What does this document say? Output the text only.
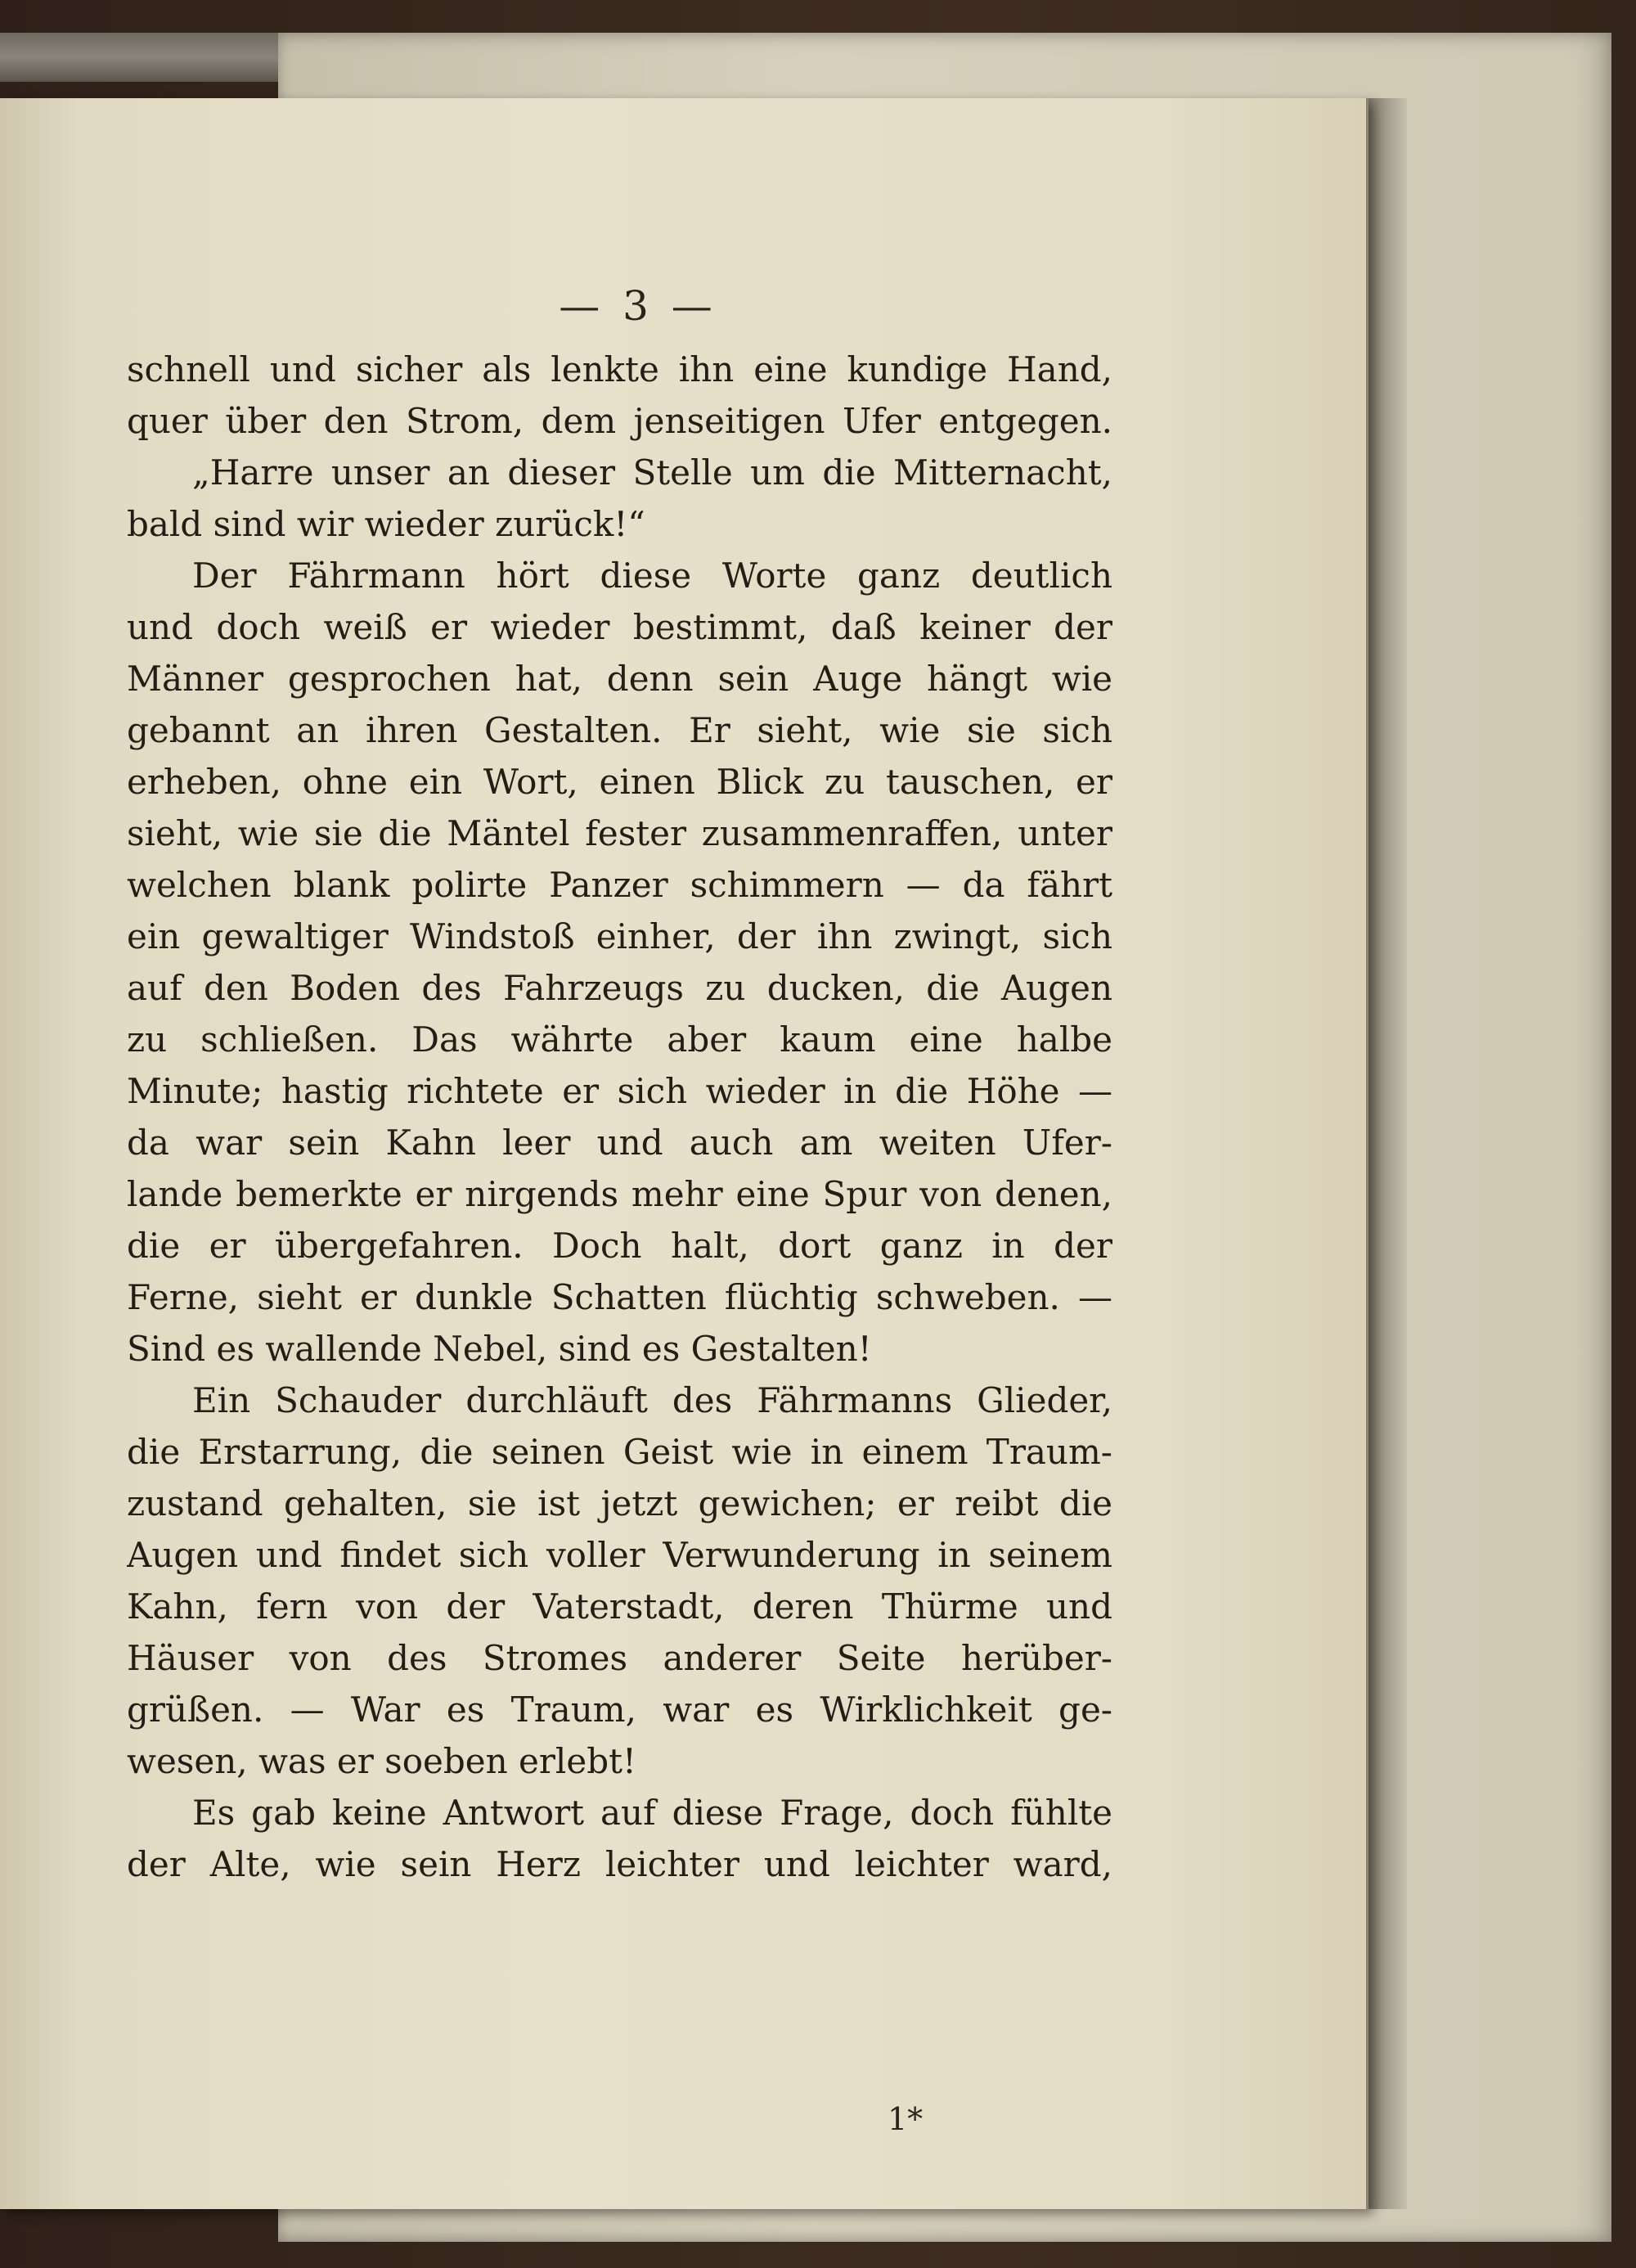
— 3 —
schnell und sicher als lenkte ihn eine kundige Hand,
quer über den Strom, dem jenseitigen Ufer entgegen.
„Harre unser an dieser Stelle um die Mitternacht,
bald sind wir wieder zurück!“
Der Fährmann hört diese Worte ganz deutlich
und doch weiß er wieder bestimmt, daß keiner der
Männer gesprochen hat, denn sein Auge hängt wie
gebannt an ihren Gestalten. Er sieht, wie sie sich
erheben, ohne ein Wort, einen Blick zu tauschen, er
sieht, wie sie die Mäntel fester zusammenraffen, unter
welchen blank polirte Panzer schimmern — da fährt
ein gewaltiger Windstoß einher, der ihn zwingt, sich
auf den Boden des Fahrzeugs zu ducken, die Augen
zu schließen. Das währte aber kaum eine halbe
Minute; hastig richtete er sich wieder in die Höhe —
da war sein Kahn leer und auch am weiten Ufer-
lande bemerkte er nirgends mehr eine Spur von denen,
die er übergefahren. Doch halt, dort ganz in der
Ferne, sieht er dunkle Schatten flüchtig schweben. —
Sind es wallende Nebel, sind es Gestalten!
Ein Schauder durchläuft des Fährmanns Glieder,
die Erstarrung, die seinen Geist wie in einem Traum-
zustand gehalten, sie ist jetzt gewichen; er reibt die
Augen und findet sich voller Verwunderung in seinem
Kahn, fern von der Vaterstadt, deren Thürme und
Häuser von des Stromes anderer Seite herüber-
grüßen. — War es Traum, war es Wirklichkeit ge-
wesen, was er soeben erlebt!
Es gab keine Antwort auf diese Frage, doch fühlte
der Alte, wie sein Herz leichter und leichter ward,
1*
